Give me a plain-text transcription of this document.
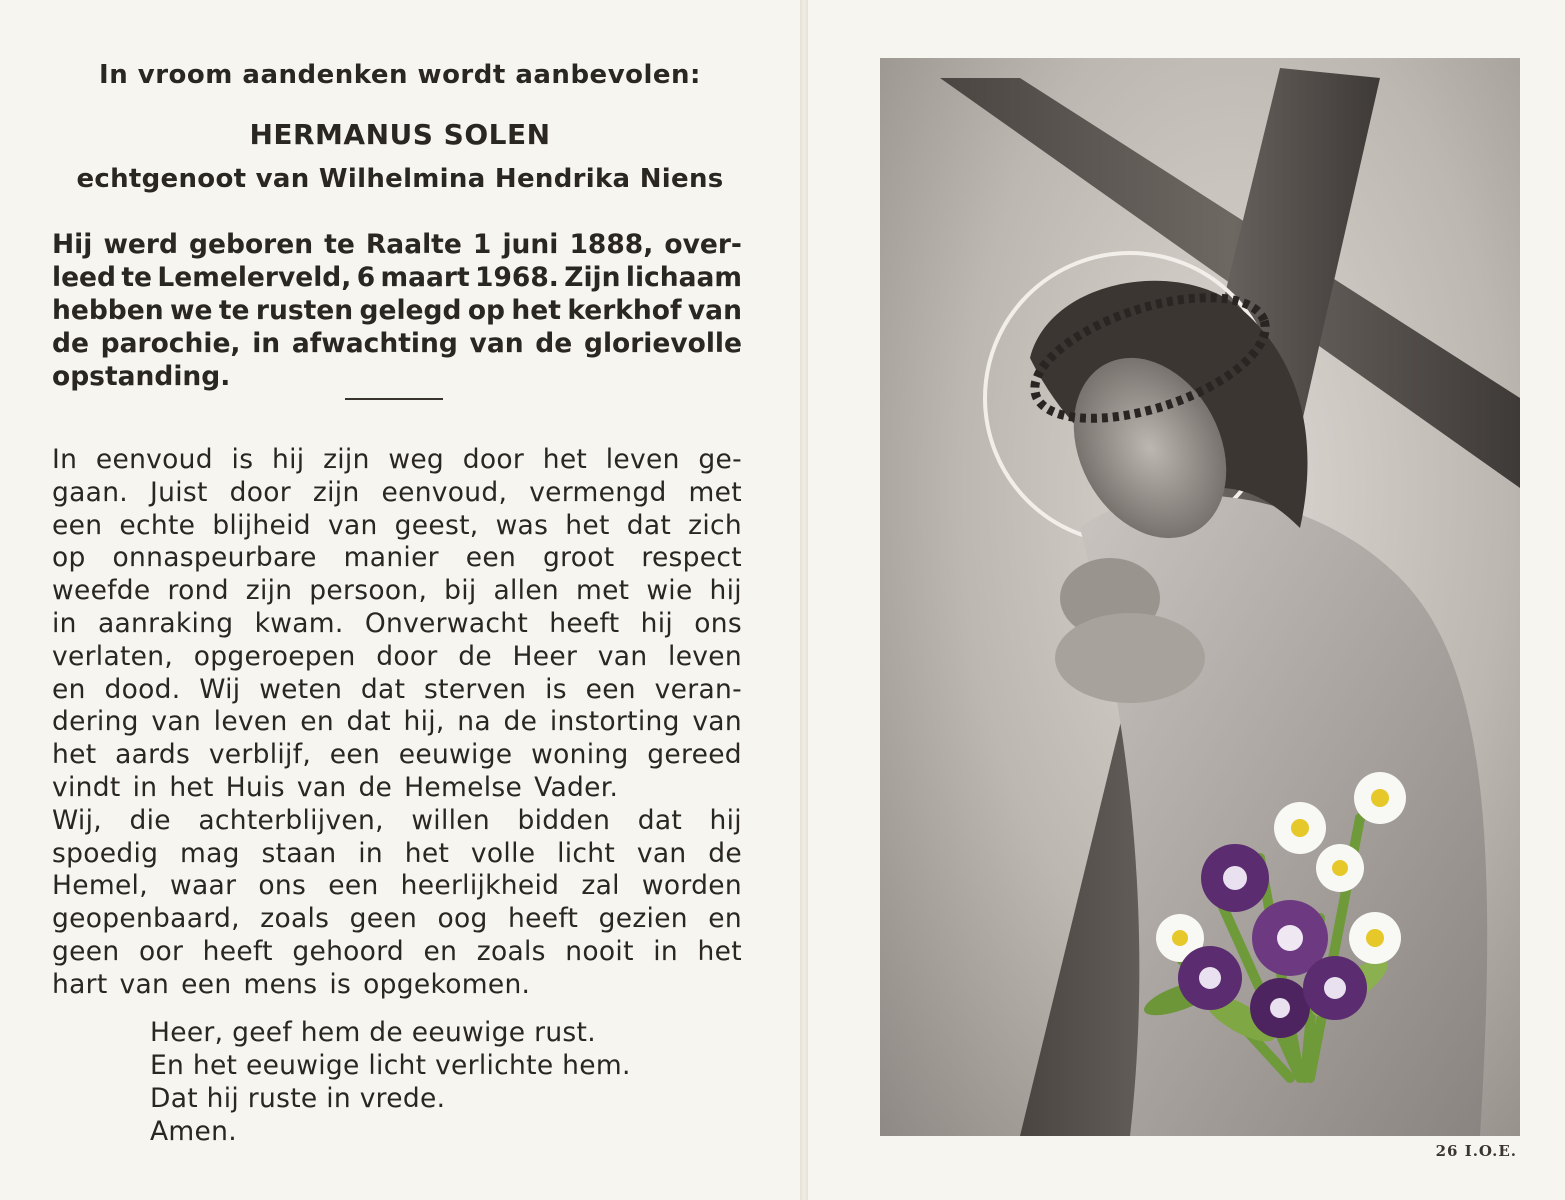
In vroom aandenken wordt aanbevolen:
HERMANUS SOLEN
echtgenoot van Wilhelmina Hendrika Niens
Hij werd geboren te Raalte 1 juni 1888, over-
leed te Lemelerveld, 6 maart 1968. Zijn lichaam
hebben we te rusten gelegd op het kerkhof van
de parochie, in afwachting van de glorievolle
opstanding.
In eenvoud is hij zijn weg door het leven ge-
gaan. Juist door zijn eenvoud, vermengd met
een echte blijheid van geest, was het dat zich
op onnaspeurbare manier een groot respect
weefde rond zijn persoon, bij allen met wie hij
in aanraking kwam. Onverwacht heeft hij ons
verlaten, opgeroepen door de Heer van leven
en dood. Wij weten dat sterven is een veran-
dering van leven en dat hij, na de instorting van
het aards verblijf, een eeuwige woning gereed
vindt in het Huis van de Hemelse Vader.
Wij, die achterblijven, willen bidden dat hij
spoedig mag staan in het volle licht van de
Hemel, waar ons een heerlijkheid zal worden
geopenbaard, zoals geen oog heeft gezien en
geen oor heeft gehoord en zoals nooit in het
hart van een mens is opgekomen.
Heer, geef hem de eeuwige rust.
En het eeuwige licht verlichte hem.
Dat hij ruste in vrede.
Amen.
26 I.O.E.
